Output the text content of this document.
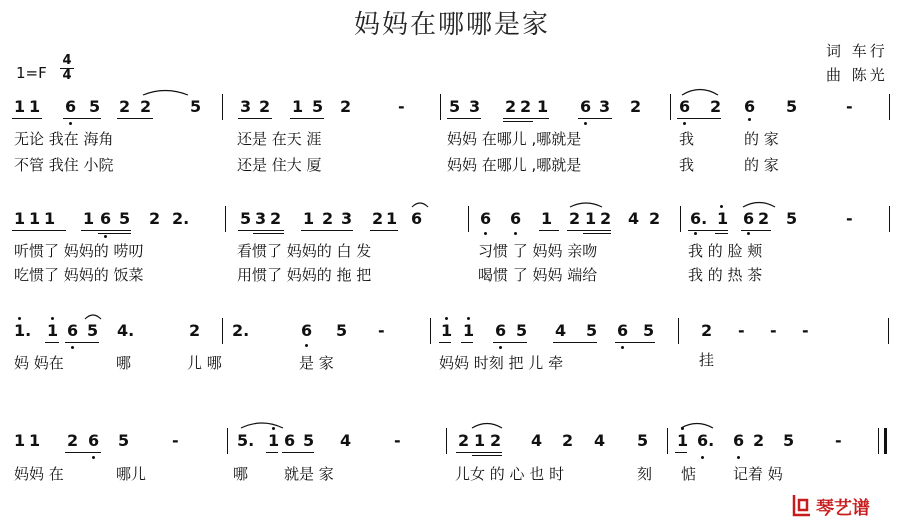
妈妈在哪哪是家
词 车行
曲 陈光
1=F
4
4
1 1 6 5 2 2 5 3 2 1 5 2	-	5 3 2 2 1 6 3 2 6 2 6 5	-
无论 我在 海角	还是 在天 涯	妈妈 在哪儿 ,哪就是	我	的 家
不管 我住 小院	还是 住大 厦	妈妈 在哪儿 ,哪就是	我	的 家
1 1 1 1 6 5 2 2.	5 3 2 1 2 3 2 1 6	6 6 1 2 1 2 4 2 6. 1 6 2 5	-
听惯了 妈妈的 唠叨	看惯了 妈妈的 白 发	习惯 了 妈妈 亲吻	我 的 脸 颊
吃惯了 妈妈的 饭菜	用惯了 妈妈的 拖 把	喝惯 了 妈妈 端给	我 的 热 茶
1. 1 6 5 4.	2 2.	6 5 -	1 1 6 5 4 5 6 5	2 - - -
妈 妈在	哪	儿 哪	是 家	妈妈 时刻 把 儿 牵	挂
1 1 2 6 5	-	5. 1 6 5 4	-	2 1 2 4 2 4 5 1 6. 6 2 5	-
妈妈 在	哪儿	哪 就是 家	儿女 的 心 也 时	刻 惦 记着 妈
琴艺谱
